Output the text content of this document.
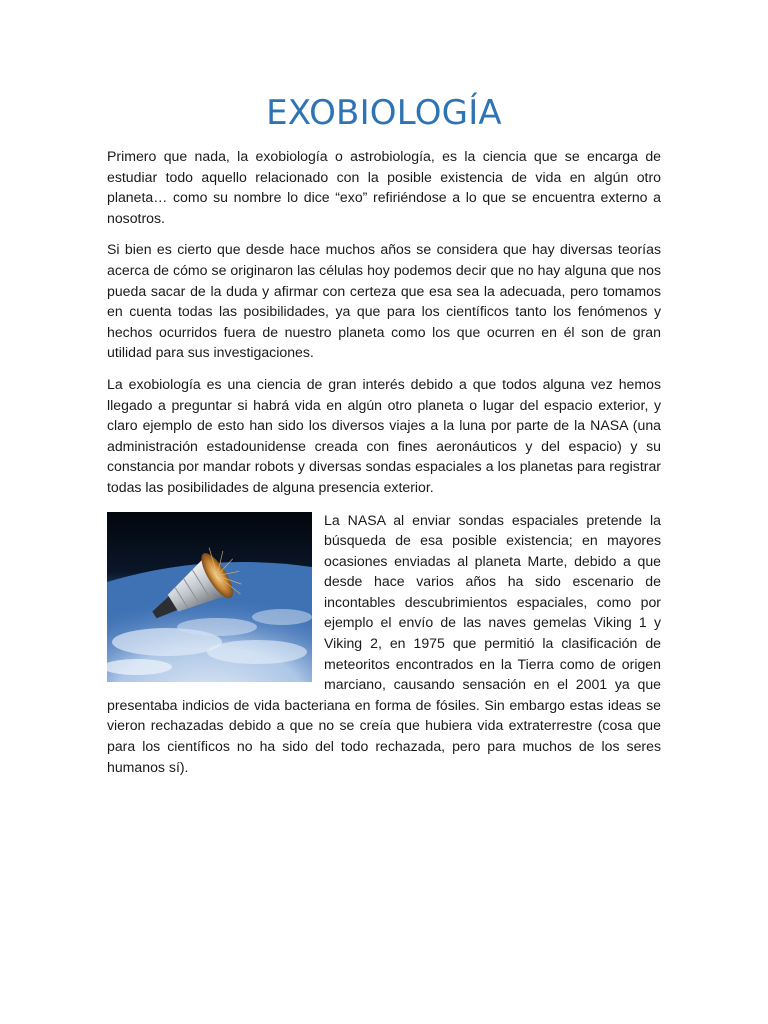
EXOBIOLOGÍA

Primero que nada, la exobiología o astrobiología, es la ciencia que se encarga de estudiar todo aquello relacionado con la posible existencia de vida en algún otro planeta… como su nombre lo dice “exo” refiriéndose a lo que se encuentra externo a nosotros.

Si bien es cierto que desde hace muchos años se considera que hay diversas teorías acerca de cómo se originaron las células hoy podemos decir que no hay alguna que nos pueda sacar de la duda y afirmar con certeza que esa sea la adecuada, pero tomamos en cuenta todas las posibilidades, ya que para los científicos tanto los fenómenos y hechos ocurridos fuera de nuestro planeta como los que ocurren en él son de gran utilidad para sus investigaciones.

La exobiología es una ciencia de gran interés debido a que todos alguna vez hemos llegado a preguntar si habrá vida en algún otro planeta o lugar del espacio exterior, y claro ejemplo de esto han sido los diversos viajes a la luna por parte de la NASA (una administración estadounidense creada con fines aeronáuticos y del espacio) y su constancia por mandar robots y diversas sondas espaciales a los planetas para registrar todas las posibilidades de alguna presencia exterior.

La NASA al enviar sondas espaciales pretende la búsqueda de esa posible existencia; en mayores ocasiones enviadas al planeta Marte, debido a que desde hace varios años ha sido escenario de incontables descubrimientos espaciales, como por ejemplo el envío de las naves gemelas Viking 1 y Viking 2, en 1975 que permitió la clasificación de meteoritos encontrados en la Tierra como de origen marciano, causando sensación en el 2001 ya que presentaba indicios de vida bacteriana en forma de fósiles. Sin embargo estas ideas se vieron rechazadas debido a que no se creía que hubiera vida extraterrestre (cosa que para los científicos no ha sido del todo rechazada, pero para muchos de los seres humanos sí).
